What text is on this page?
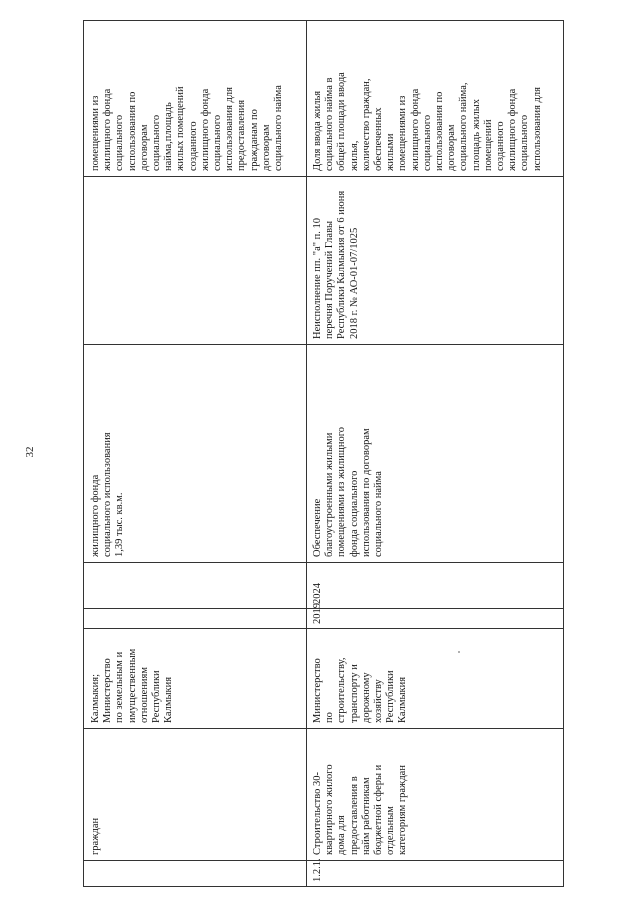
32
граждан
Калмыкия;
Министерство
по земельным и
имущественным
отношениям
Республики
Калмыкия
жилищного фонда
социального использования
1,39 тыс. кв.м.
помещениями из
жилищного фонда
социального
использования по
договорам
социального
найма,площадь
жилых помещений
созданного
жилищного фонда
социального
использования для
предоставления
гражданам по
договорам
социального найма
1.2.1.
Строительство 30-
квартирного жилого
дома для
предоставления в
найм работникам
бюджетной сферы и
отдельным
категориям граждан
Министерство
по
строительству,
транспорту и
дорожному
хозяйству
Республики
Калмыкия
2019
2024
Обеспечение
благоустроенными жилыми
помещениями из жилищного
фонда социального
использования по договорам
социального найма
Неисполнение пп. "а" п. 10
перечня Поручений Главы
Республики Калмыкия от 6 июня
2018 г. № АО-01-07/1025
Доля ввода жилья
социального найма в
общей площади ввода
жилья,
количество граждан,
обеспеченных
жилыми
помещениями из
жилищного фонда
социального
использования по
договорам
социального найма,
площадь жилых
помещений
созданного
жилищного фонда
социального
использования для
